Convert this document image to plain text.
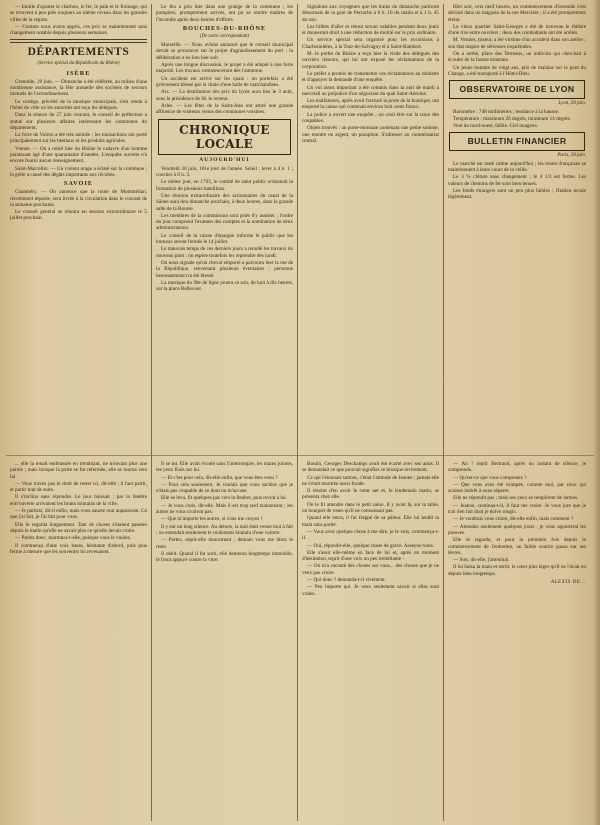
— Inutile d'ajouter le charbon, le fer, le pain et le fromage, qui se trouvent à peu près toujours au même niveau dans les grandes villes de la région.

— Comme nous avons appris, ces prix se maintiennent sans changement notable depuis plusieurs semaines.

DÉPARTEMENTS
(Service spécial du Républicain du Rhône)
ISÈRE

Grenoble, 29 juin. — Dimanche a été célébrée, au milieu d'une nombreuse assistance, la fête annuelle des sociétés de secours mutuels de l'arrondissement.

Le cortège, précédé de la musique municipale, s'est rendu à l'hôtel de ville où les autorités ont reçu les délégués.

Dans la séance du 27 juin courant, le conseil de préfecture a statué sur plusieurs affaires intéressant les communes du département.

La foire de Voiron a été très animée ; les transactions ont porté principalement sur les bestiaux et les produits agricoles.

Vienne. — On a retiré hier du Rhône le cadavre d'un homme paraissant âgé d'une quarantaine d'années. L'enquête ouverte n'a encore fourni aucun renseignement.

Saint-Marcellin. — Un violent orage a éclaté sur la commune ; la grêle a causé des dégâts importants aux récoltes.

SAVOIE

Chambéry. — On annonce que la route de Montmélian, récemment réparée, sera livrée à la circulation dans le courant de la semaine prochaine.

Le conseil général se réunira en session extraordinaire le 5 juillet prochain.

... elle la tenait embrassée en tremblant, ne trouvant plus une parole ; mais lorsque la porte se fut refermée, elle se tourna vers lui.

— Vous n'avez pas le droit de rester ici, dit-elle ; il faut partir, et partir tout de suite.

Il s'inclina sans répondre. Le jour baissait ; par la fenêtre entr'ouverte arrivaient les bruits lointains de la ville.

— Je partirai, dit-il enfin, mais vous saurez tout auparavant. Ce que j'ai fait, je l'ai fait pour vous.

Elle le regarda longuement. Tant de choses s'étaient passées depuis le matin qu'elle ne savait plus ce qu'elle devait croire.

— Parlez donc, murmura-t-elle, puisque vous le voulez.

Il commença d'une voix basse, hésitante d'abord, puis plus ferme à mesure que les souvenirs lui revenaient.

Le feu a pris hier dans une grange de la commune ; les pompiers, promptement arrivés, ont pu se rendre maîtres de l'incendie après deux heures d'efforts.

BOUCHES-DU-RHÔNE
(De notre correspondant)

Marseille. — Nous avions annoncé que le conseil municipal devait se prononcer sur le projet d'agrandissement du port ; la délibération a eu lieu hier soir.

Après une longue discussion, le projet a été adopté à une forte majorité. Les travaux commenceront dès l'automne.

Un accident est arrivé sur les quais : un portefaix a été grièvement blessé par la chute d'une balle de marchandises.

Aix. — La distribution des prix du lycée aura lieu le 3 août, sous la présidence de M. le recteur.

Arles. — Les fêtes de la Saint-Jean ont attiré une grande affluence de visiteurs venus des communes voisines.

CHRONIQUE LOCALE
AUJOURD'HUI

Vendredi 30 juin, 181e jour de l'année. Soleil : lever à 4 h. 1 ; coucher à 8 h. 3.

Le même jour, en 1793, le comité de salut public ordonnait la formation de plusieurs bataillons.

Une réunion extraordinaire des actionnaires du canal de la Sâone aura lieu dimanche prochain, à deux heures, dans la grande salle de la Bourse.

Les membres de la commission sont priés d'y assister ; l'ordre du jour comprend l'examen des comptes et la nomination de deux administrateurs.

Le conseil de la caisse d'épargne informe le public que les bureaux seront fermés le 14 juillet.

Le mauvais temps de ces derniers jours a retardé les travaux du nouveau pont ; on espère toutefois les reprendre dès lundi.

On nous signale qu'un cheval emporté a parcouru hier la rue de la République, renversant plusieurs éventaires ; personne heureusement n'a été blessé.

La musique du 98e de ligne jouera ce soir, de huit à dix heures, sur la place Bellecour.

Il se tut. Elle avait écouté sans l'interrompre, les mains jointes, les yeux fixés sur lui.

— Et c'est pour cela, dit-elle enfin, que vous êtes venu ?

— Pour cela seulement. Je voulais que vous sachiez que je n'étais pas coupable de ce dont on m'accuse.

Elle se leva, fit quelques pas vers la fenêtre, puis revint à lui.

— Je vous crois, dit-elle. Mais il est trop tard maintenant ; les autres ne vous croiront pas.

— Que m'importe les autres, si vous me croyez !

Il y eut un long silence. Au dehors, la nuit était venue tout à fait ; on entendait seulement le roulement lointain d'une voiture.

— Partez, reprit-elle doucement ; demain vous me direz le reste.

Il obéit. Quand il fut sorti, elle demeura longtemps immobile, le front appuyé contre la vitre.

Signalons aux voyageurs que les trains du dimanche partiront désormais de la gare de Perrache à 6 h. 10 du matin et à 1 h. 45 du soir.

Les billets d'aller et retour seront valables pendant deux jours et donneront droit à une réduction de moitié sur le prix ordinaire.

Un service spécial sera organisé pour les excursions à Charbonnières, à la Tour-de-Salvagny et à Saint-Rambert.

M. le préfet du Rhône a reçu hier la visite des délégués des ouvriers tisseurs, qui lui ont exposé les réclamations de la corporation.

Le préfet a promis de transmettre ces réclamations au ministre et d'appuyer la demande d'une enquête.

Un vol assez important a été commis dans la nuit de mardi à mercredi au préjudice d'un négociant du quai Saint-Antoine.

Les malfaiteurs, après avoir fracturé la porte de la boutique, ont emporté la caisse qui contenait environ huit cents francs.

La police a ouvert une enquête ; on croit être sur la trace des coupables.

Objets trouvés : un porte-monnaie contenant une petite somme, une montre en argent, un parapluie. S'adresser au commissariat central.

Boutin, Georges Deschamps avait été écarté avec ses amis. Il se demandait ce que pouvait signifier ce brusque revirement.

Ce qui l'étonnait surtout, c'était l'attitude de Jeanne ; jamais elle ne s'était montrée aussi froide.

Il résolut d'en avoir le cœur net et, le lendemain matin, se présenta chez elle.

On le fit attendre dans le petit salon. Il y avait là, sur la table, un bouquet de roses qu'il ne connaissait pas.

Quand elle entra, il fut frappé de sa pâleur. Elle lui tendit la main sans parler.

— Vous avez quelque chose à me dire, je le vois, commença-t-il.

— Oui, répondit-elle, quelque chose de grave. Asseyez-vous.

Elle s'assit elle-même en face de lui et, après un moment d'hésitation, reprit d'une voix un peu tremblante :

— On m'a raconté des choses sur vous... des choses que je ne veux pas croire.

— Qui donc ? demanda-t-il vivement.

— Peu importe qui. Je veux seulement savoir si elles sont vraies.

Hier soir, vers neuf heures, un commencement d'incendie s'est déclaré dans un magasin de la rue Mercière ; il a été promptement éteint.

Le vieux quartier Saint-Georges a été de nouveau le théâtre d'une rixe entre ouvriers ; deux des combattants ont été arrêtés.

M. Vernier, tisseur, a été victime d'un accident dans son atelier ; son état inspire de sérieuses inquiétudes.

On a arrêté, place des Terreaux, un individu qui cherchait à écouler de la fausse monnaie.

Un jeune homme de vingt ans, pris de malaise sur le pont du Change, a été transporté à l'Hôtel-Dieu.

OBSERVATOIRE DE LYON
Lyon, 29 juin.

Baromètre : 748 millimètres ; tendance à la hausse.

Température : maximum 26 degrés, minimum 14 degrés.

Vent du nord-ouest, faible. Ciel nuageux.

BULLETIN FINANCIER
Paris, 29 juin.

Le marché est resté calme aujourd'hui ; les rentes françaises se maintiennent à leurs cours de la veille.

Le 3 % clôture sans changement ; le 4 1/2 est ferme. Les valeurs de chemins de fer sont bien tenues.

Les fonds étrangers sont un peu plus faibles ; l'Italien recule légèrement.

— Ah ! reprit Bertrand, après un instant de silence, je comprends.

— Qu'est-ce que vous comprenez ?

— Que vous avez été trompée, comme moi, par ceux qui avaient intérêt à nous séparer.

Elle ne répondit pas ; mais ses yeux se remplirent de larmes.

— Jeanne, continua-t-il, il faut me croire. Je vous jure que je n'ai rien fait dont je doive rougir.

— Je voudrais vous croire, dit-elle enfin, mais comment ?

— Attendez seulement quelques jours ; je vous apporterai les preuves.

Elle le regarda, et pour la première fois depuis le commencement de l'entretien, un faible sourire passa sur ses lèvres.

— Soit, dit-elle, j'attendrai.

Il lui baisa la main et sortit, le cœur plus léger qu'il ne l'avait eu depuis bien longtemps.

ALEXIS DE...
